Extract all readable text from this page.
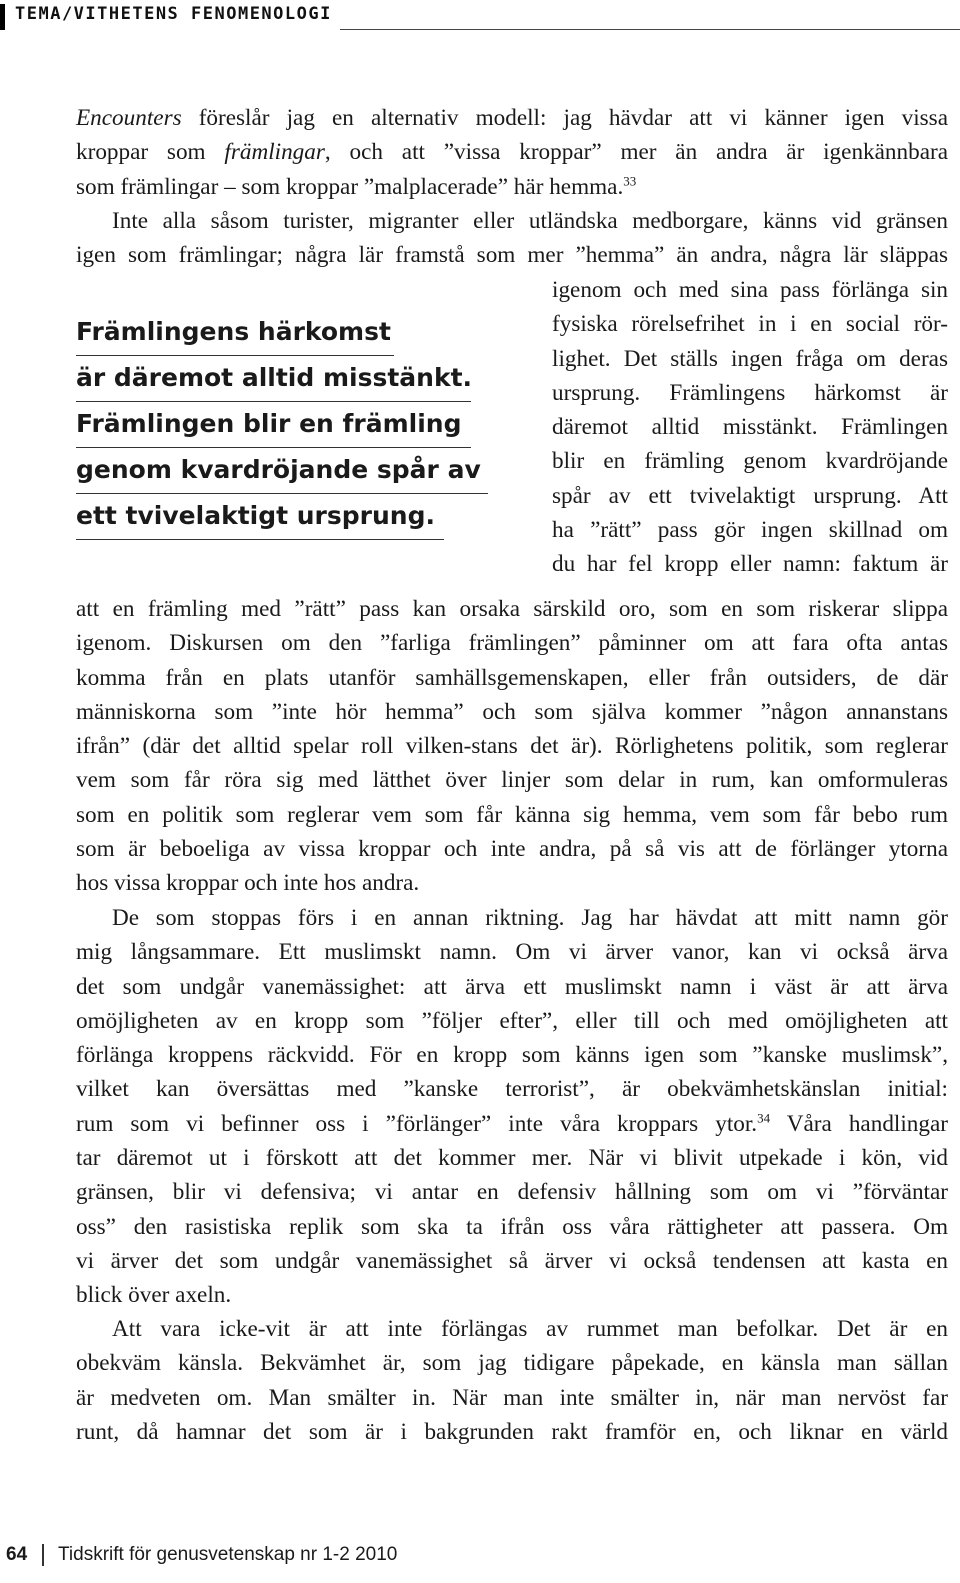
TEMA/VITHETENS FENOMENOLOGI
Encounters föreslår jag en alternativ modell: jag hävdar att vi känner igen vissa
kroppar som främlingar, och att ”vissa kroppar” mer än andra är igenkännbara
som främlingar – som kroppar ”malplacerade” här hemma.$^{33}$
Inte alla såsom turister, migranter eller utländska medborgare, känns vid gränsen
igen som främlingar; några lär framstå som mer ”hemma” än andra, några lär släppas
igenom och med sina pass förlänga sin
fysiska rörelsefrihet in i en social rör-
lighet. Det ställs ingen fråga om deras
ursprung. Främlingens härkomst är
däremot alltid misstänkt. Främlingen
blir en främling genom kvardröjande
spår av ett tvivelaktigt ursprung. Att
ha ”rätt” pass gör ingen skillnad om
du har fel kropp eller namn: faktum är
Främlingens härkomst
är däremot alltid misstänkt.
Främlingen blir en främling
genom kvardröjande spår av
ett tvivelaktigt ursprung.
att en främling med ”rätt” pass kan orsaka särskild oro, som en som riskerar slippa
igenom. Diskursen om den ”farliga främlingen” påminner om att fara ofta antas
komma från en plats utanför samhällsgemenskapen, eller från outsiders, de där
människorna som ”inte hör hemma” och som själva kommer ”någon annanstans
ifrån” (där det alltid spelar roll vilken-stans det är). Rörlighetens politik, som reglerar
vem som får röra sig med lätthet över linjer som delar in rum, kan omformuleras
som en politik som reglerar vem som får känna sig hemma, vem som får bebo rum
som är beboeliga av vissa kroppar och inte andra, på så vis att de förlänger ytorna
hos vissa kroppar och inte hos andra.
De som stoppas förs i en annan riktning. Jag har hävdat att mitt namn gör
mig långsammare. Ett muslimskt namn. Om vi ärver vanor, kan vi också ärva
det som undgår vanemässighet: att ärva ett muslimskt namn i väst är att ärva
omöjligheten av en kropp som ”följer efter”, eller till och med omöjligheten att
förlänga kroppens räckvidd. För en kropp som känns igen som ”kanske muslimsk”,
vilket kan översättas med ”kanske terrorist”, är obekvämhetskänslan initial:
rum som vi befinner oss i ”förlänger” inte våra kroppars ytor.$^{34}$ Våra handlingar
tar däremot ut i förskott att det kommer mer. När vi blivit utpekade i kön, vid
gränsen, blir vi defensiva; vi antar en defensiv hållning som om vi ”förväntar
oss” den rasistiska replik som ska ta ifrån oss våra rättigheter att passera. Om
vi ärver det som undgår vanemässighet så ärver vi också tendensen att kasta en
blick över axeln.
Att vara icke-vit är att inte förlängas av rummet man befolkar. Det är en
obekväm känsla. Bekvämhet är, som jag tidigare påpekade, en känsla man sällan
är medveten om. Man smälter in. När man inte smälter in, när man nervöst far
runt, då hamnar det som är i bakgrunden rakt framför en, och liknar en värld
64 Tidskrift för genusvetenskap nr 1-2 2010
